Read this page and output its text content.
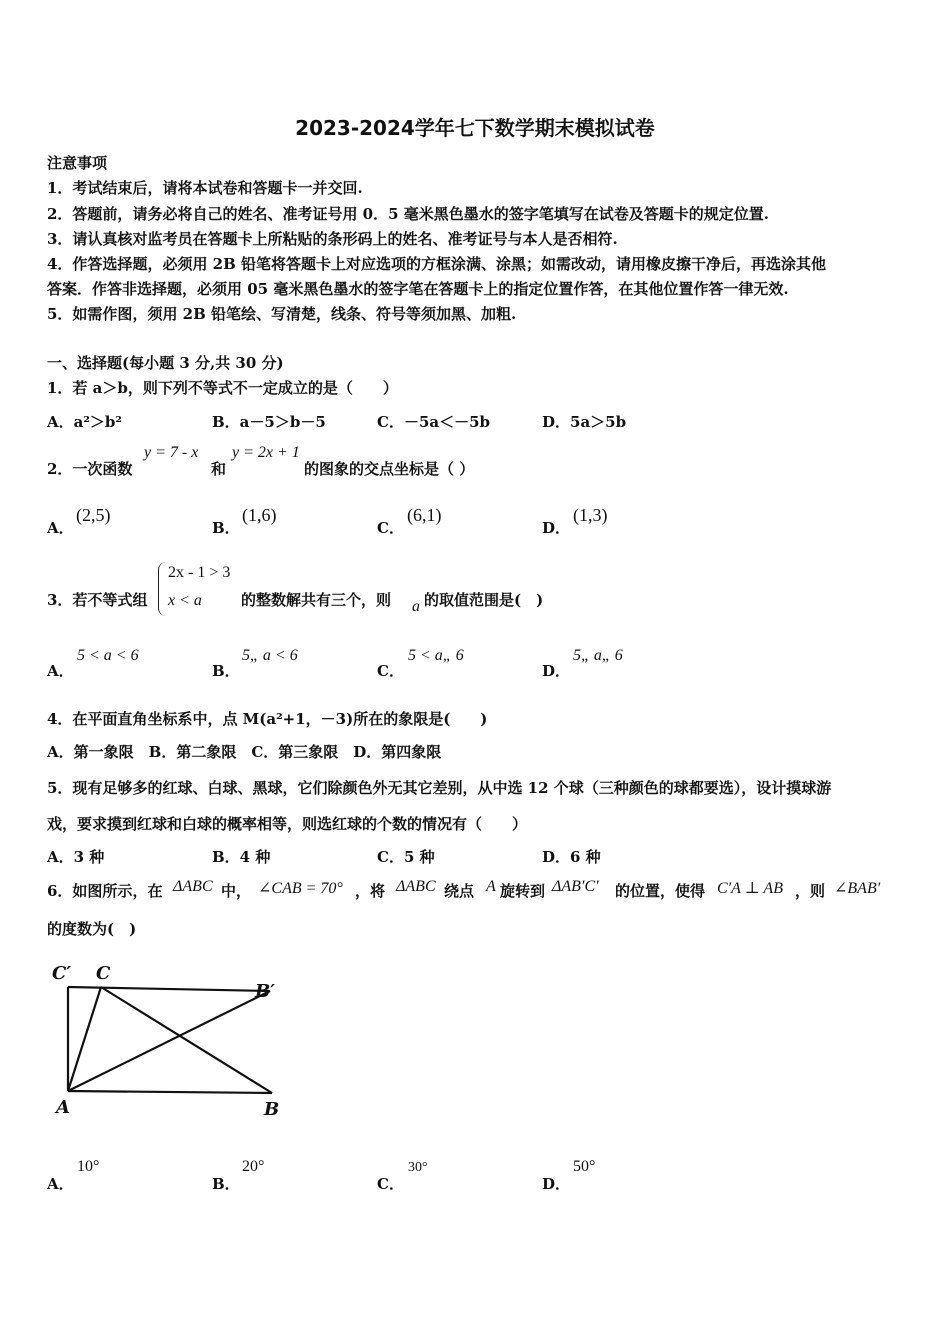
2023-2024学年七下数学期末模拟试卷
注意事项
1．考试结束后，请将本试卷和答题卡一并交回.
2．答题前，请务必将自己的姓名、准考证号用 0．5 毫米黑色墨水的签字笔填写在试卷及答题卡的规定位置.
3．请认真核对监考员在答题卡上所粘贴的条形码上的姓名、准考证号与本人是否相符.
4．作答选择题，必须用 2B 铅笔将答题卡上对应选项的方框涂满、涂黑；如需改动，请用橡皮擦干净后，再选涂其他
答案．作答非选择题，必须用 05 毫米黑色墨水的签字笔在答题卡上的指定位置作答，在其他位置作答一律无效.
5．如需作图，须用 2B 铅笔绘、写清楚，线条、符号等须加黑、加粗.
一、选择题(每小题 3 分,共 30 分)
1．若 a＞b，则下列不等式不一定成立的是（　　）
A．a²＞b²	B．a－5＞b－5	C．－5a＜－5b	D．5a＞5b
2．一次函数
y = 7 - x
和
y = 2x + 1
的图象的交点坐标是（ ）
A．
(2,5)
B．
(1,6)
C．
(6,1)
D．
(1,3)
3．若不等式组
2x - 1 > 3
x < a	的整数解共有三个，则 a 的取值范围是(　)
A．
5 < a < 6
B．
5„ a < 6
C．
5 < a„ 6
D．
5„ a„ 6
4．在平面直角坐标系中，点 M(a²+1，－3)所在的象限是(　　)
A．第一象限　B．第二象限　C．第三象限　D．第四象限
5．现有足够多的红球、白球、黑球，它们除颜色外无其它差别，从中选 12 个球（三种颜色的球都要选），设计摸球游
戏，要求摸到红球和白球的概率相等，则选红球的个数的情况有（　　）
A．3 种	B．4 种	C．5 种	D．6 种
6．如图所示，在 ΔABC 中， ∠CAB = 70° ，将 ΔABC 绕点 A 旋转到 ΔAB′C′ 的位置，使得 C′A ⊥ AB ，则 ∠BAB′
的度数为(　)
C′ C
B′
A	B
A．
10°
B．
20°
C．
30°
D．
50°
